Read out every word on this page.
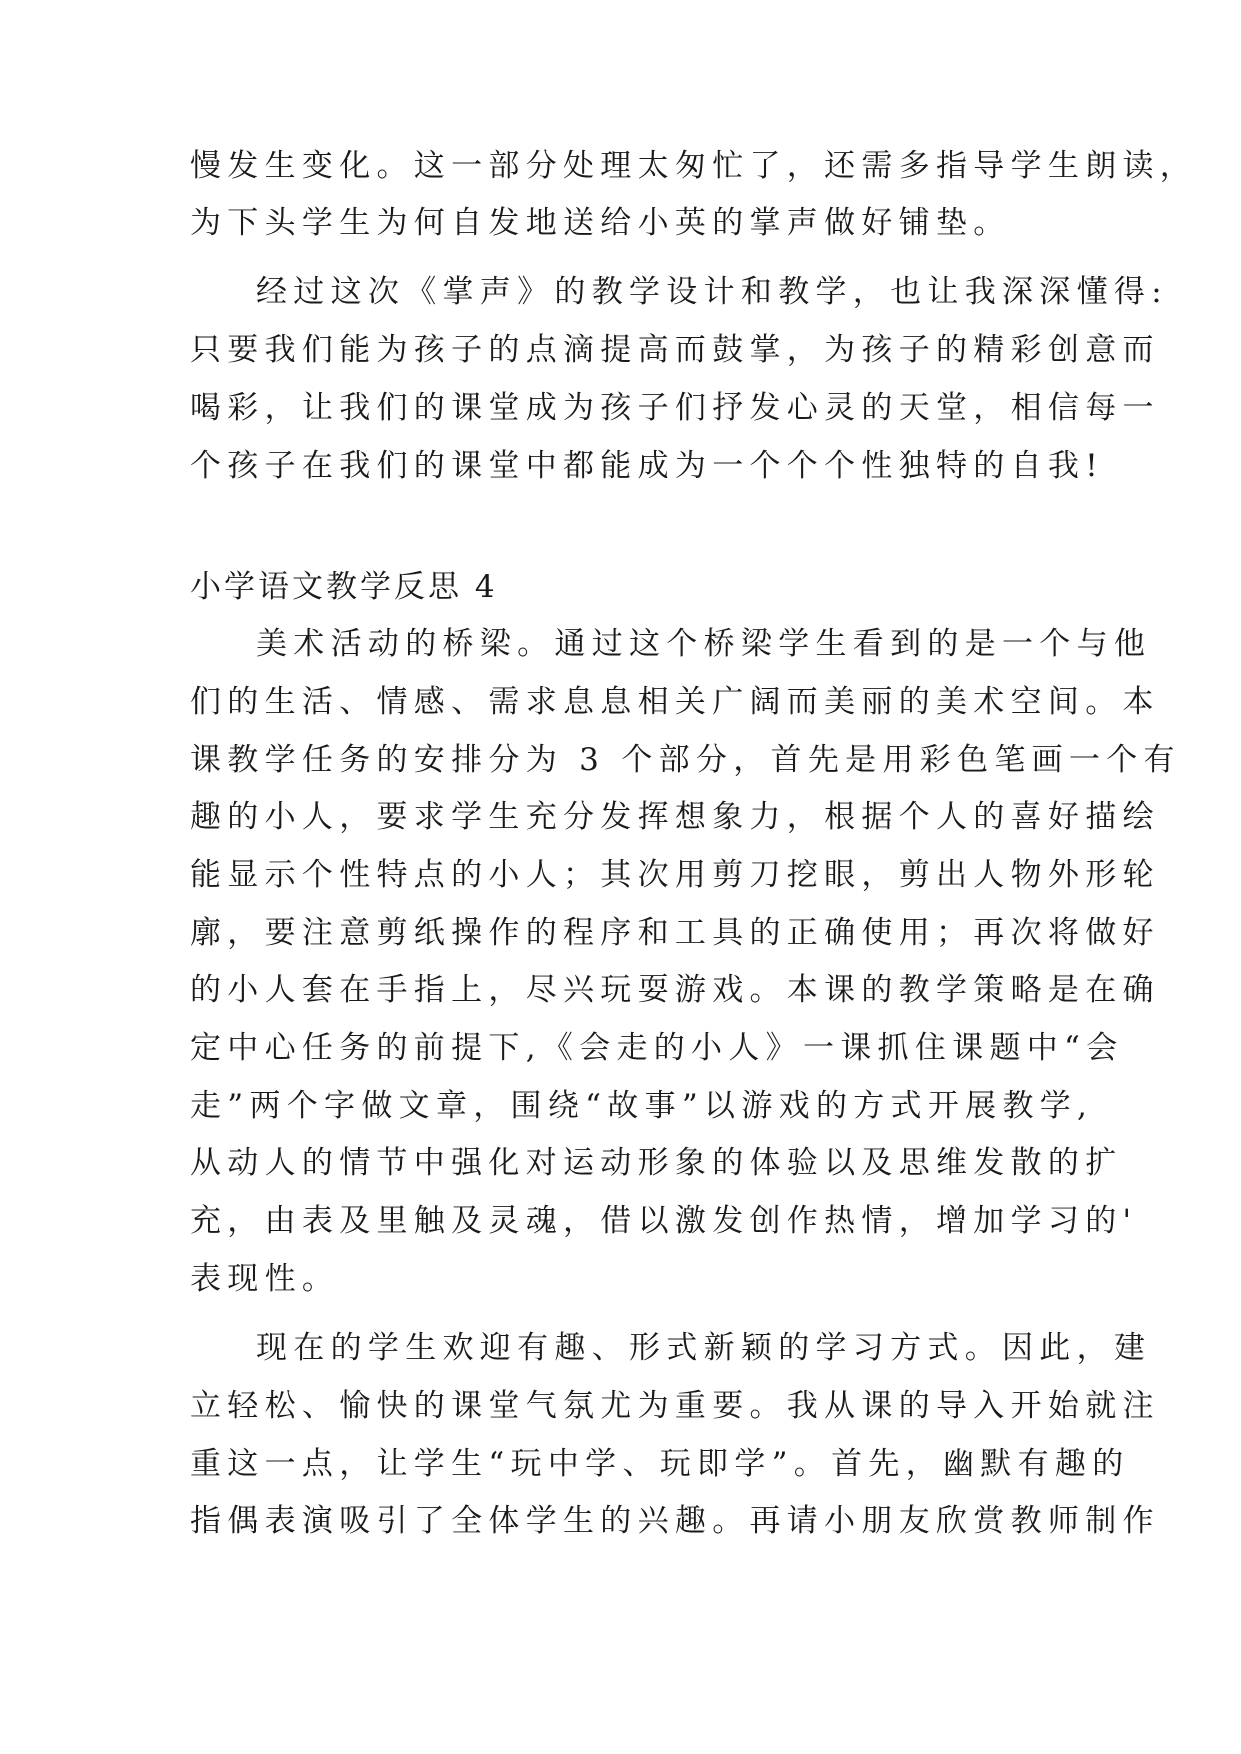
慢发生变化。这一部分处理太匆忙了，还需多指导学生朗读，
为下头学生为何自发地送给小英的掌声做好铺垫。
经过这次《掌声》的教学设计和教学，也让我深深懂得:
只要我们能为孩子的点滴提高而鼓掌，为孩子的精彩创意而
喝彩，让我们的课堂成为孩子们抒发心灵的天堂，相信每一
个孩子在我们的课堂中都能成为一个个个性独特的自我!
小学语文教学反思 4
美术活动的桥梁。通过这个桥梁学生看到的是一个与他
们的生活、情感、需求息息相关广阔而美丽的美术空间。本
课教学任务的安排分为 3 个部分，首先是用彩色笔画一个有
趣的小人，要求学生充分发挥想象力，根据个人的喜好描绘
能显示个性特点的小人；其次用剪刀挖眼，剪出人物外形轮
廓，要注意剪纸操作的程序和工具的正确使用；再次将做好
的小人套在手指上，尽兴玩耍游戏。本课的教学策略是在确
定中心任务的前提下,《会走的小人》一课抓住课题中“会
走”两个字做文章，围绕“故事”以游戏的方式开展教学,
从动人的情节中强化对运动形象的体验以及思维发散的扩
充，由表及里触及灵魂，借以激发创作热情，增加学习的'
表现性。
现在的学生欢迎有趣、形式新颖的学习方式。因此，建
立轻松、愉快的课堂气氛尤为重要。我从课的导入开始就注
重这一点，让学生“玩中学、玩即学”。首先，幽默有趣的
指偶表演吸引了全体学生的兴趣。再请小朋友欣赏教师制作
